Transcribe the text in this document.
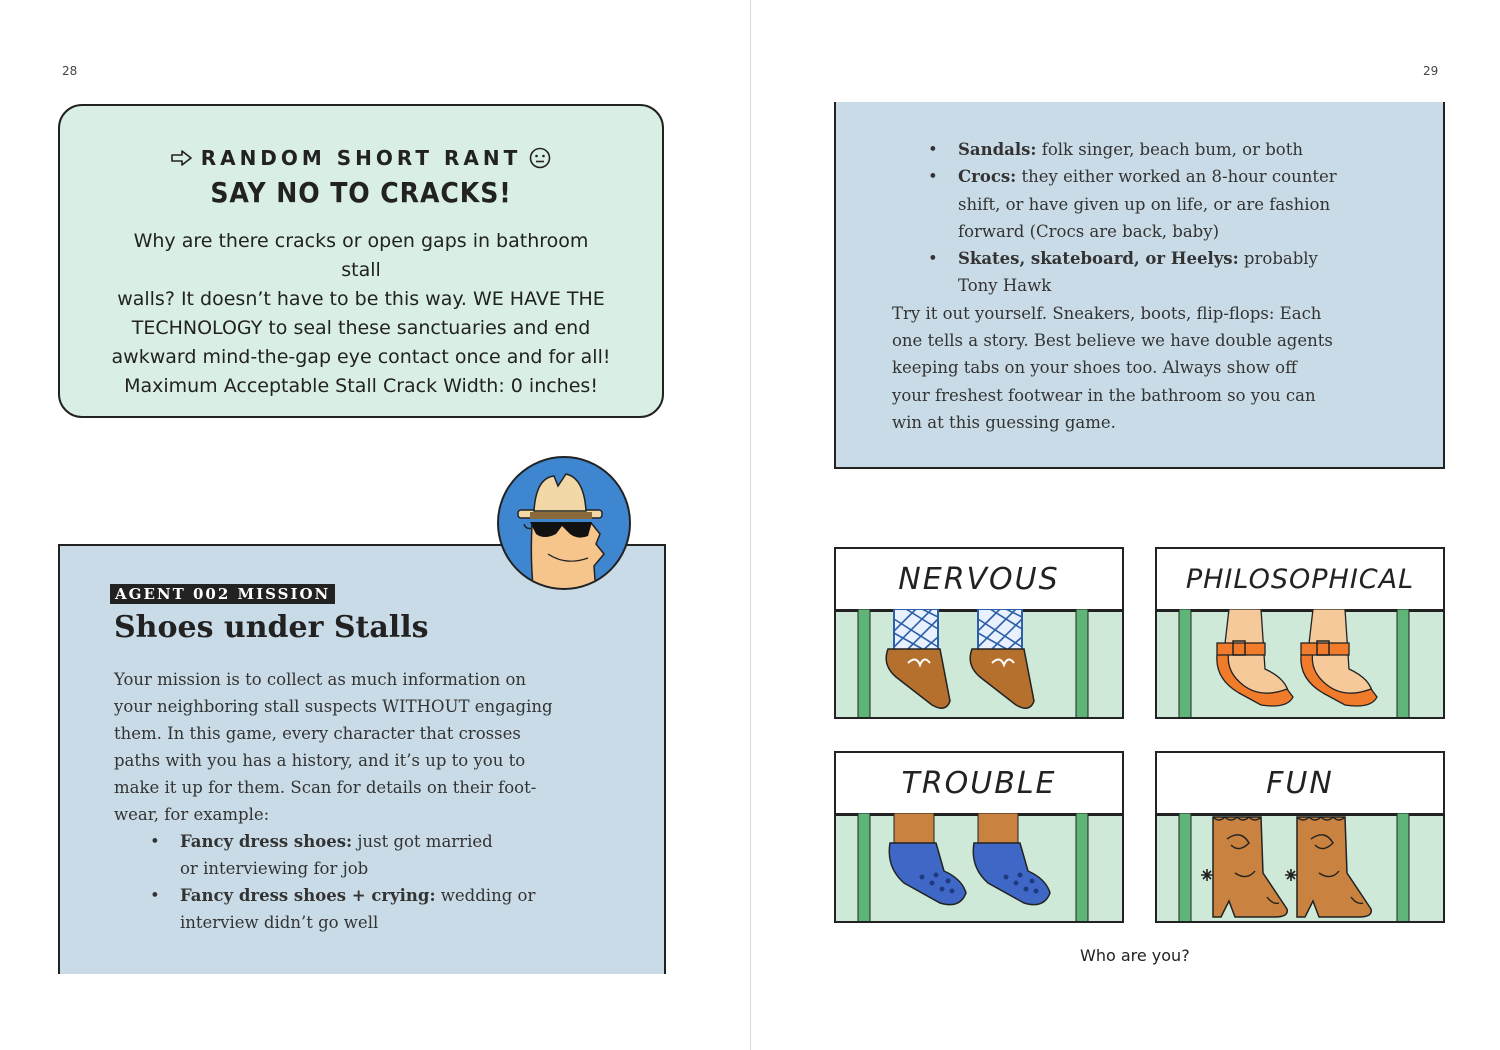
28
RANDOM SHORT RANT
SAY NO TO CRACKS!
Why are there cracks or open gaps in bathroom stall
walls? It doesn’t have to be this way. WE HAVE THE
TECHNOLOGY to seal these sanctuaries and end
awkward mind-the-gap eye contact once and for all!
Maximum Acceptable Stall Crack Width: 0 inches!
AGENT 002 MISSION
Shoes under Stalls
Your mission is to collect as much information on
your neighboring stall suspects WITHOUT engaging
them. In this game, every character that crosses
paths with you has a history, and it’s up to you to
make it up for them. Scan for details on their foot-
wear, for example:
• Fancy dress shoes: just got married
or interviewing for job
• Fancy dress shoes + crying: wedding or
interview didn’t go well
29
• Sandals: folk singer, beach bum, or both
• Crocs: they either worked an 8-hour counter
shift, or have given up on life, or are fashion
forward (Crocs are back, baby)
• Skates, skateboard, or Heelys: probably
Tony Hawk
Try it out yourself. Sneakers, boots, flip-flops: Each
one tells a story. Best believe we have double agents
keeping tabs on your shoes too. Always show off
your freshest footwear in the bathroom so you can
win at this guessing game.
NERVOUS	PHILOSOPHICAL
TROUBLE	FUN
Who are you?
